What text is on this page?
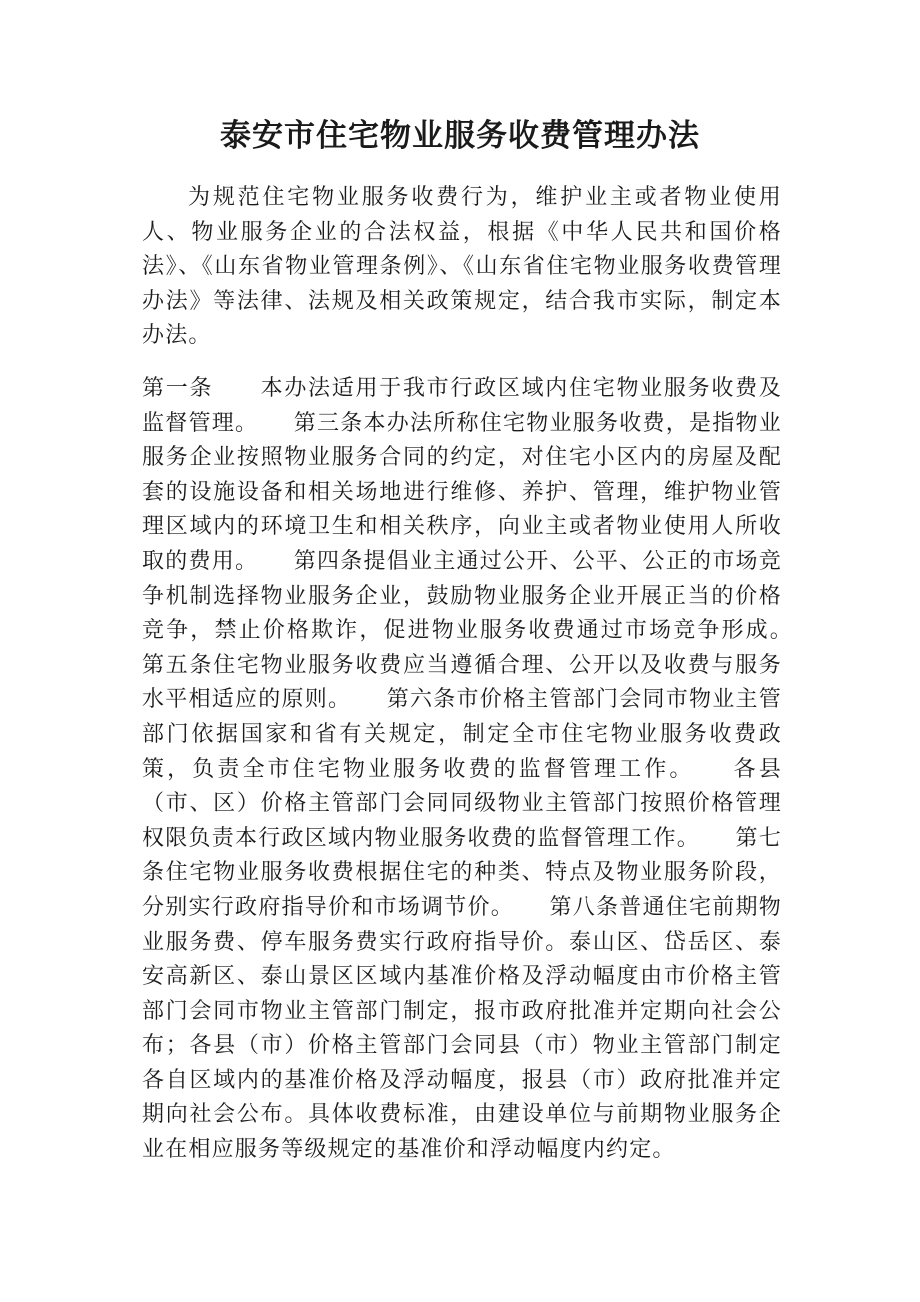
泰安市住宅物业服务收费管理办法

为规范住宅物业服务收费行为，维护业主或者物业使用人、物业服务企业的合法权益，根据《中华人民共和国价格法》、《山东省物业管理条例》、《山东省住宅物业服务收费管理办法》等法律、法规及相关政策规定，结合我市实际，制定本办法。

第一条　　本办法适用于我市行政区域内住宅物业服务收费及监督管理。　　第三条本办法所称住宅物业服务收费，是指物业服务企业按照物业服务合同的约定，对住宅小区内的房屋及配套的设施设备和相关场地进行维修、养护、管理，维护物业管理区域内的环境卫生和相关秩序，向业主或者物业使用人所收取的费用。　　第四条提倡业主通过公开、公平、公正的市场竞争机制选择物业服务企业，鼓励物业服务企业开展正当的价格竞争，禁止价格欺诈，促进物业服务收费通过市场竞争形成。　　第五条住宅物业服务收费应当遵循合理、公开以及收费与服务水平相适应的原则。　　第六条市价格主管部门会同市物业主管部门依据国家和省有关规定，制定全市住宅物业服务收费政策，负责全市住宅物业服务收费的监督管理工作。　　各县（市、区）价格主管部门会同同级物业主管部门按照价格管理权限负责本行政区域内物业服务收费的监督管理工作。　　第七条住宅物业服务收费根据住宅的种类、特点及物业服务阶段，分别实行政府指导价和市场调节价。　　第八条普通住宅前期物业服务费、停车服务费实行政府指导价。泰山区、岱岳区、泰安高新区、泰山景区区域内基准价格及浮动幅度由市价格主管部门会同市物业主管部门制定，报市政府批准并定期向社会公布；各县（市）价格主管部门会同县（市）物业主管部门制定各自区域内的基准价格及浮动幅度，报县（市）政府批准并定期向社会公布。具体收费标准，由建设单位与前期物业服务企业在相应服务等级规定的基准价和浮动幅度内约定。
